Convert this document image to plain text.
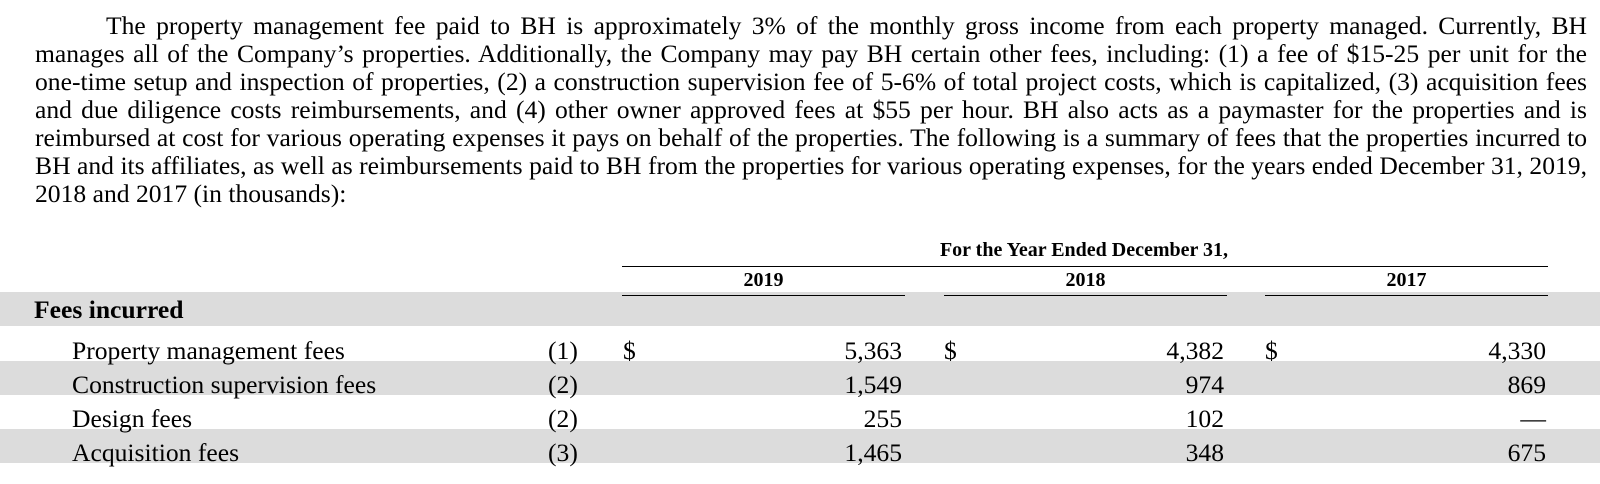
The property management fee paid to BH is approximately 3% of the monthly gross income from each property managed. Currently, BH manages all of the Company’s properties. Additionally, the Company may pay BH certain other fees, including: (1) a fee of $15-25 per unit for the one-time setup and inspection of properties, (2) a construction supervision fee of 5-6% of total project costs, which is capitalized, (3) acquisition fees and due diligence costs reimbursements, and (4) other owner approved fees at $55 per hour. BH also acts as a paymaster for the properties and is reimbursed at cost for various operating expenses it pays on behalf of the properties. The following is a summary of fees that the properties incurred to BH and its affiliates, as well as reimbursements paid to BH from the properties for various operating expenses, for the years ended December 31, 2019, 2018 and 2017 (in thousands):

For the Year Ended December 31,
2019	2018	2017
Fees incurred
Property management fees	(1) $	5,363 $	4,382 $	4,330
Construction supervision fees	(2)	1,549	974	869
Design fees	(2)	255	102	—
Acquisition fees	(3)	1,465	348	675
